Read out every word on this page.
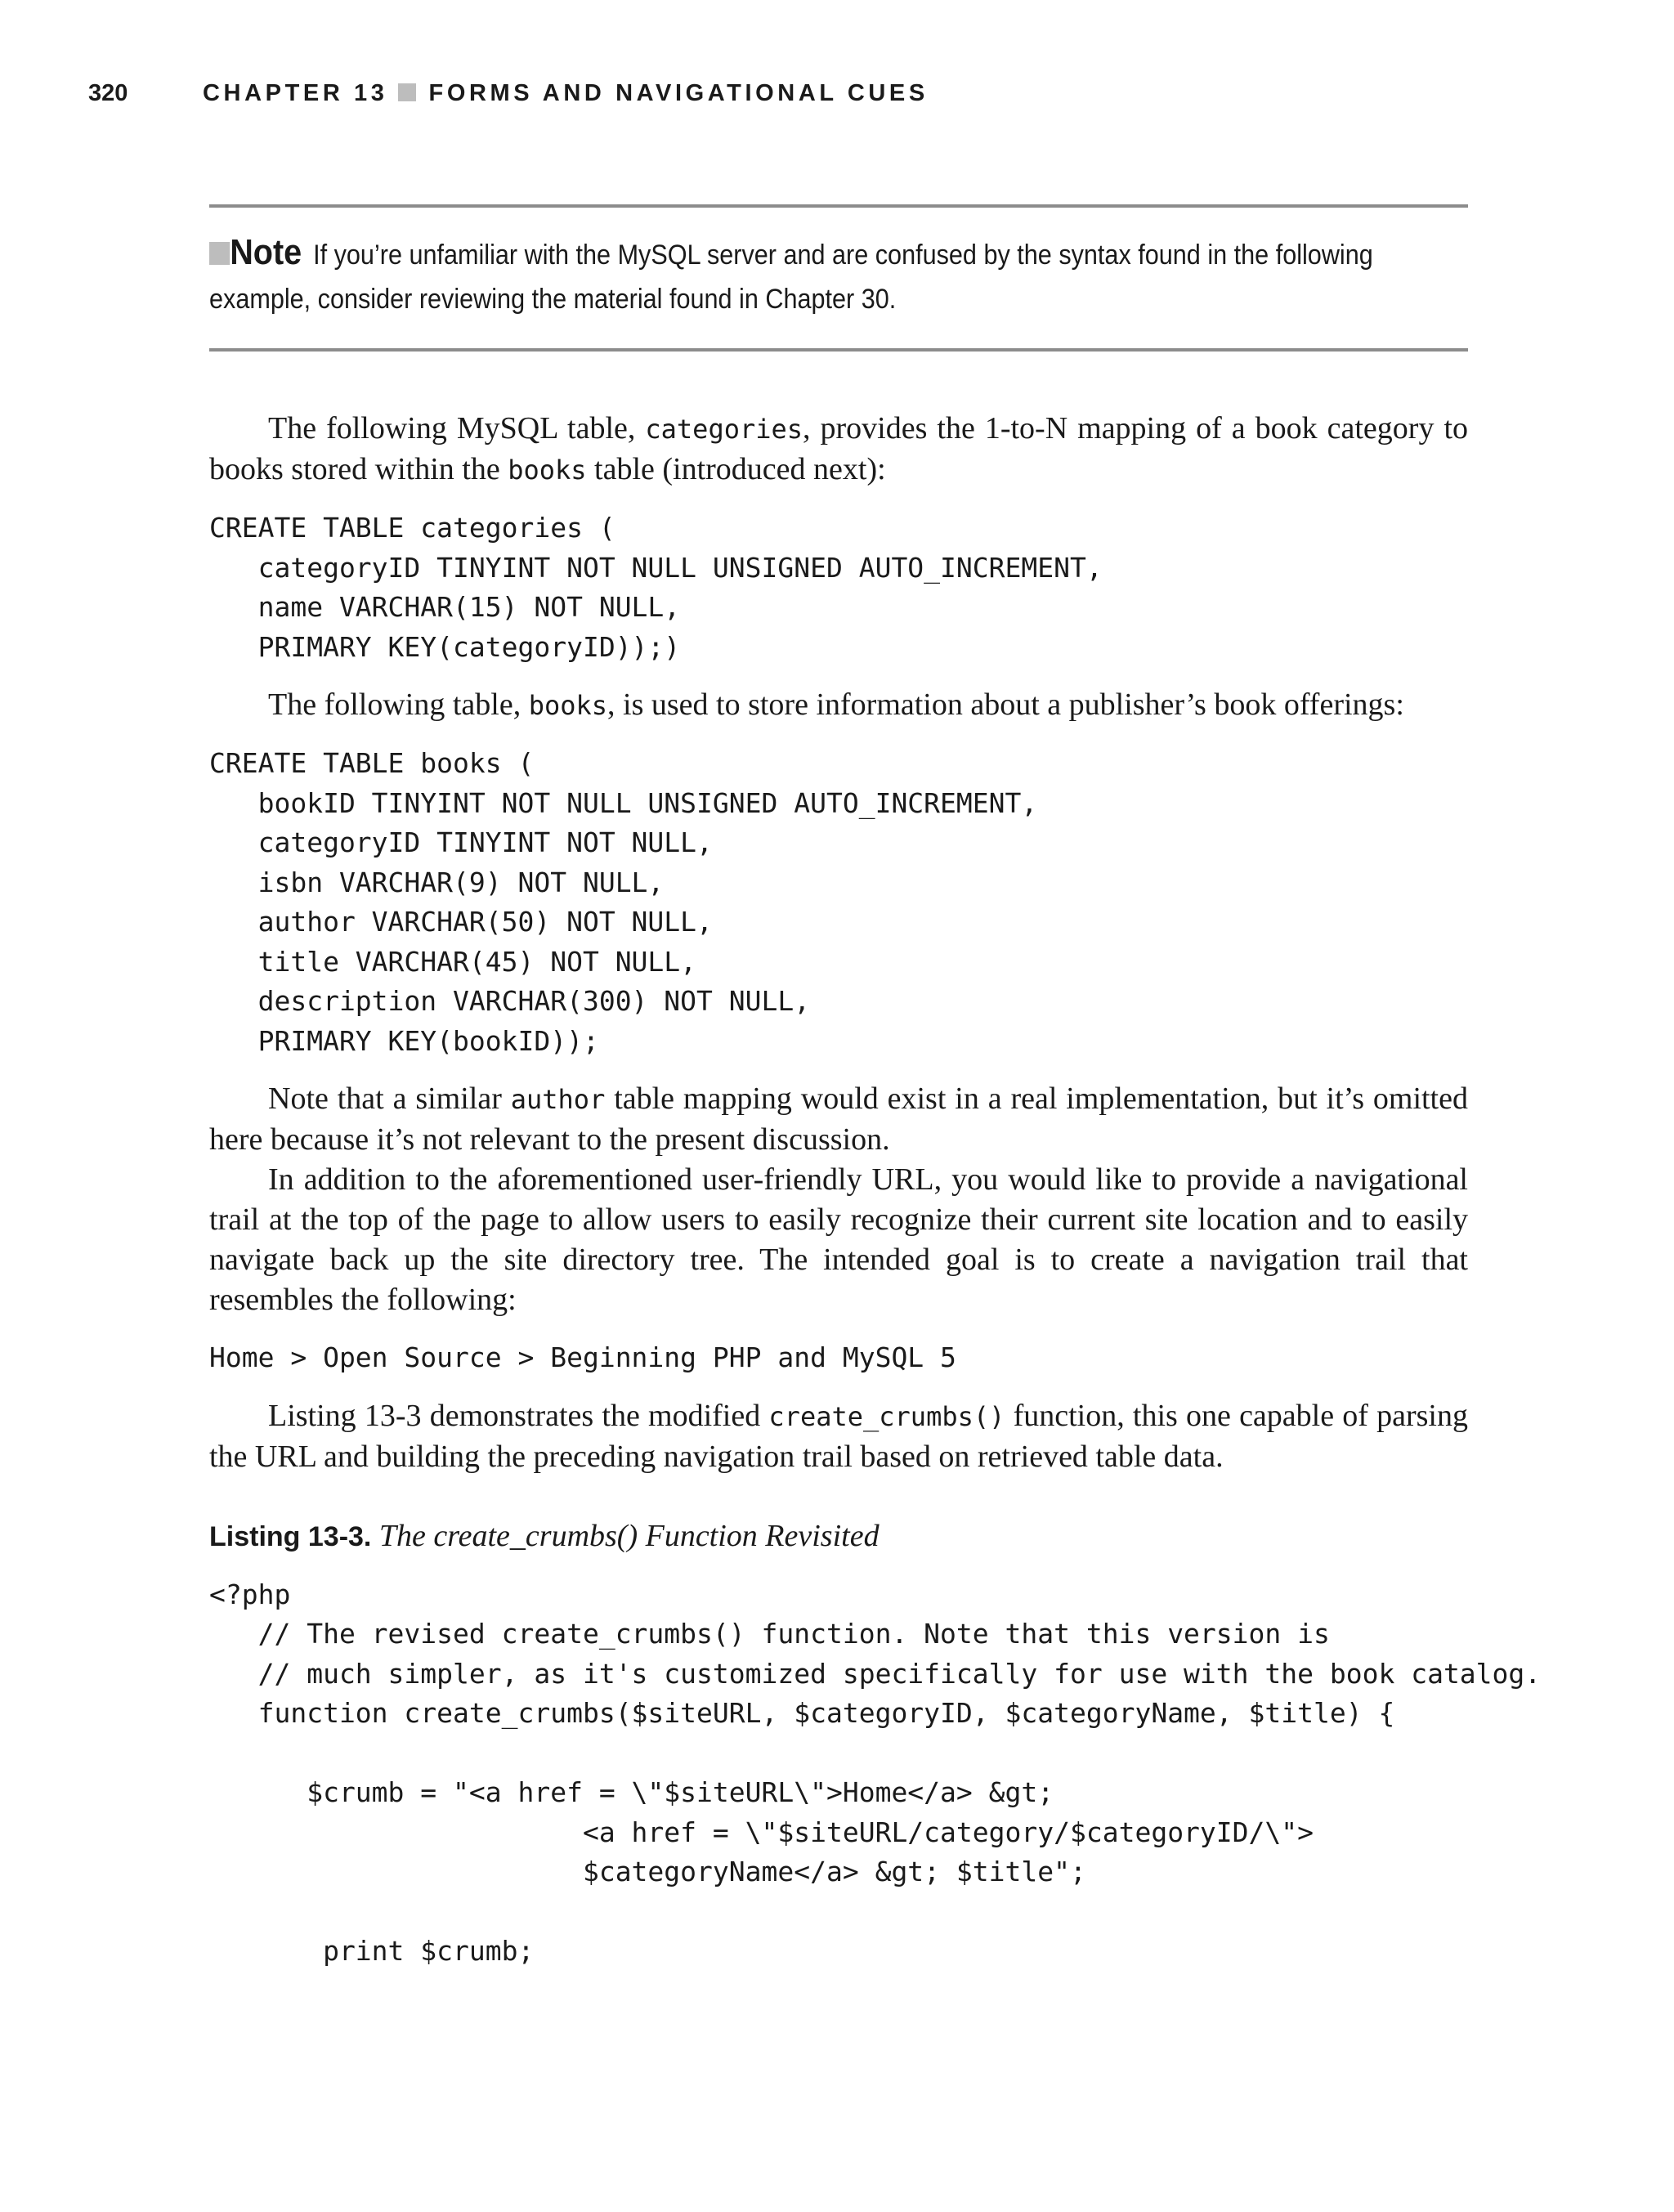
320	CHAPTER 13 FORMS AND NAVIGATIONAL CUES
Note If you’re unfamiliar with the MySQL server and are confused by the syntax found in the following example, consider reviewing the material found in Chapter 30.

The following MySQL table, categories, provides the 1-to-N mapping of a book category to books stored within the books table (introduced next):

CREATE TABLE categories (
categoryID TINYINT NOT NULL UNSIGNED AUTO_INCREMENT,
name VARCHAR(15) NOT NULL,
PRIMARY KEY(categoryID));)

The following table, books, is used to store information about a publisher’s book offerings:

CREATE TABLE books (
bookID TINYINT NOT NULL UNSIGNED AUTO_INCREMENT,
categoryID TINYINT NOT NULL,
isbn VARCHAR(9) NOT NULL,
author VARCHAR(50) NOT NULL,
title VARCHAR(45) NOT NULL,
description VARCHAR(300) NOT NULL,
PRIMARY KEY(bookID));

Note that a similar author table mapping would exist in a real implementation, but it’s omitted here because it’s not relevant to the present discussion.

In addition to the aforementioned user-friendly URL, you would like to provide a navigational trail at the top of the page to allow users to easily recognize their current site location and to easily navigate back up the site directory tree. The intended goal is to create a navigation trail that resembles the following:

Home > Open Source > Beginning PHP and MySQL 5

Listing 13-3 demonstrates the modified create_crumbs() function, this one capable of parsing the URL and building the preceding navigation trail based on retrieved table data.

Listing 13-3. The create_crumbs() Function Revisited
<?php
// The revised create_crumbs() function. Note that this version is
// much simpler, as it's customized specifically for use with the book catalog.
function create_crumbs($siteURL, $categoryID, $categoryName, $title) {

$crumb = "<a href = \"$siteURL\">Home</a> &gt;
<a href = \"$siteURL/category/$categoryID/\">
$categoryName</a> &gt; $title";

print $crumb;
